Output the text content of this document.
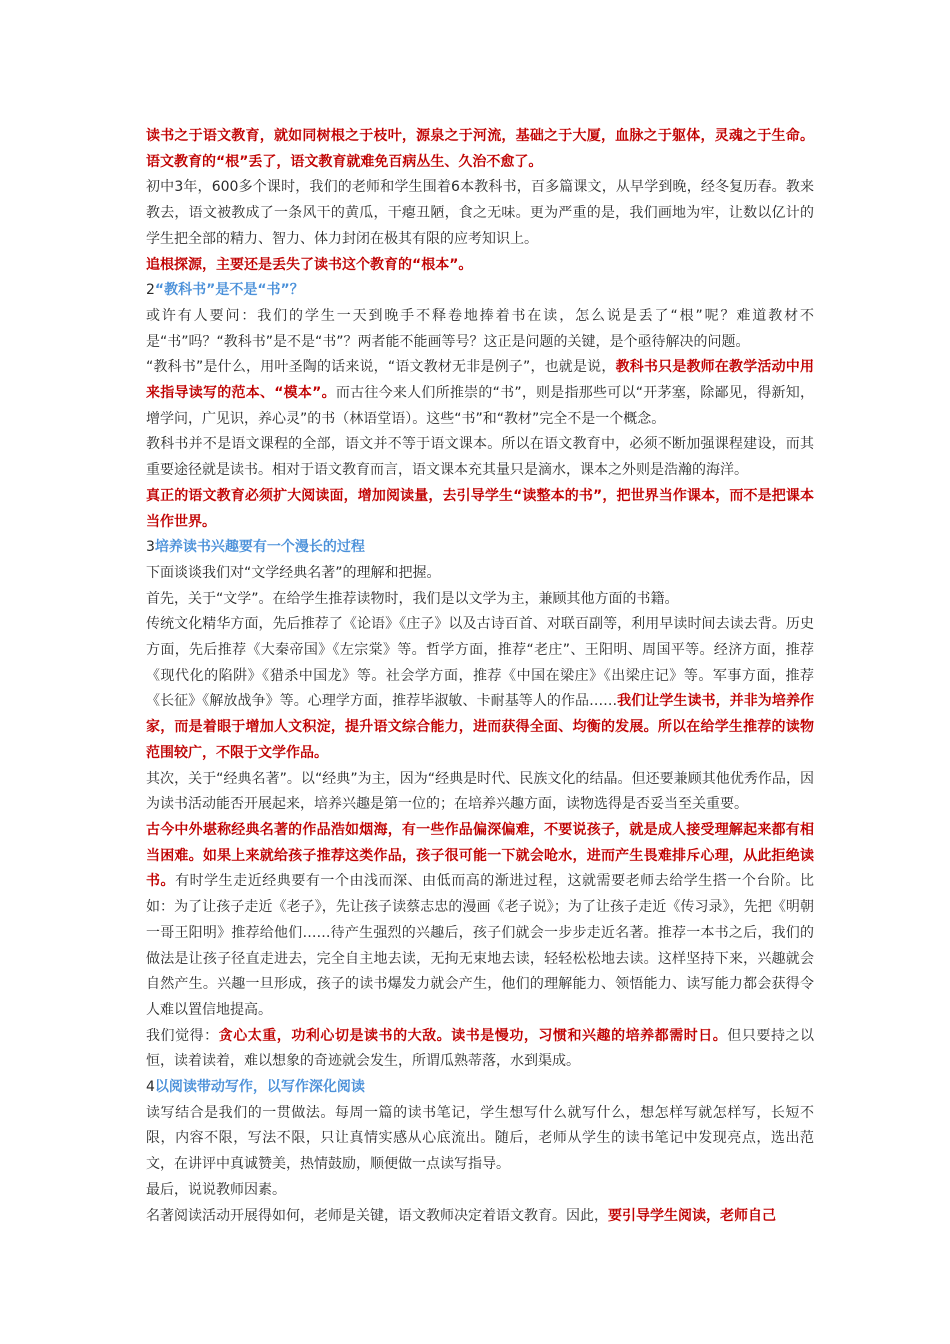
读书之于语文教育，就如同树根之于枝叶，源泉之于河流，基础之于大厦，血脉之于躯体，灵魂之于生命。语文教育的“根”丢了，语文教育就难免百病丛生、久治不愈了。

初中3年，600多个课时，我们的老师和学生围着6本教科书，百多篇课文，从早学到晚，经冬复历春。教来教去，语文被教成了一条风干的黄瓜，干瘪丑陋，食之无味。更为严重的是，我们画地为牢，让数以亿计的学生把全部的精力、智力、体力封闭在极其有限的应考知识上。

追根探源，主要还是丢失了读书这个教育的“根本”。

2“教科书”是不是“书”？

或许有人要问：我们的学生一天到晚手不释卷地捧着书在读，怎么说是丢了“根”呢？难道教材不是“书”吗？“教科书”是不是“书”？两者能不能画等号？这正是问题的关键，是个亟待解决的问题。

“教科书”是什么，用叶圣陶的话来说，“语文教材无非是例子”，也就是说，教科书只是教师在教学活动中用来指导读写的范本、“模本”。而古往今来人们所推崇的“书”，则是指那些可以“开茅塞，除鄙见，得新知，增学问，广见识，养心灵”的书（林语堂语）。这些“书”和“教材”完全不是一个概念。

教科书并不是语文课程的全部，语文并不等于语文课本。所以在语文教育中，必须不断加强课程建设，而其重要途径就是读书。相对于语文教育而言，语文课本充其量只是滴水，课本之外则是浩瀚的海洋。

真正的语文教育必须扩大阅读面，增加阅读量，去引导学生“读整本的书”，把世界当作课本，而不是把课本当作世界。

3培养读书兴趣要有一个漫长的过程

下面谈谈我们对“文学经典名著”的理解和把握。

首先，关于“文学”。在给学生推荐读物时，我们是以文学为主，兼顾其他方面的书籍。

传统文化精华方面，先后推荐了《论语》《庄子》以及古诗百首、对联百副等，利用早读时间去读去背。历史方面，先后推荐《大秦帝国》《左宗棠》等。哲学方面，推荐“老庄”、王阳明、周国平等。经济方面，推荐《现代化的陷阱》《猎杀中国龙》等。社会学方面，推荐《中国在梁庄》《出梁庄记》等。军事方面，推荐《长征》《解放战争》等。心理学方面，推荐毕淑敏、卡耐基等人的作品……我们让学生读书，并非为培养作家，而是着眼于增加人文积淀，提升语文综合能力，进而获得全面、均衡的发展。所以在给学生推荐的读物范围较广，不限于文学作品。

其次，关于“经典名著”。以“经典”为主，因为“经典是时代、民族文化的结晶。但还要兼顾其他优秀作品，因为读书活动能否开展起来，培养兴趣是第一位的；在培养兴趣方面，读物选得是否妥当至关重要。

古今中外堪称经典名著的作品浩如烟海，有一些作品偏深偏难，不要说孩子，就是成人接受理解起来都有相当困难。如果上来就给孩子推荐这类作品，孩子很可能一下就会呛水，进而产生畏难排斥心理，从此拒绝读书。有时学生走近经典要有一个由浅而深、由低而高的渐进过程，这就需要老师去给学生搭一个台阶。比如：为了让孩子走近《老子》，先让孩子读蔡志忠的漫画《老子说》；为了让孩子走近《传习录》，先把《明朝一哥王阳明》推荐给他们……待产生强烈的兴趣后，孩子们就会一步步走近名著。推荐一本书之后，我们的做法是让孩子径直走进去，完全自主地去读，无拘无束地去读，轻轻松松地去读。这样坚持下来，兴趣就会自然产生。兴趣一旦形成，孩子的读书爆发力就会产生，他们的理解能力、领悟能力、读写能力都会获得令人难以置信地提高。

我们觉得：贪心太重，功利心切是读书的大敌。读书是慢功，习惯和兴趣的培养都需时日。但只要持之以恒，读着读着，难以想象的奇迹就会发生，所谓瓜熟蒂落，水到渠成。

4以阅读带动写作，以写作深化阅读

读写结合是我们的一贯做法。每周一篇的读书笔记，学生想写什么就写什么，想怎样写就怎样写，长短不限，内容不限，写法不限，只让真情实感从心底流出。随后，老师从学生的读书笔记中发现亮点，选出范文，在讲评中真诚赞美，热情鼓励，顺便做一点读写指导。

最后，说说教师因素。

名著阅读活动开展得如何，老师是关键，语文教师决定着语文教育。因此，要引导学生阅读，老师自己
